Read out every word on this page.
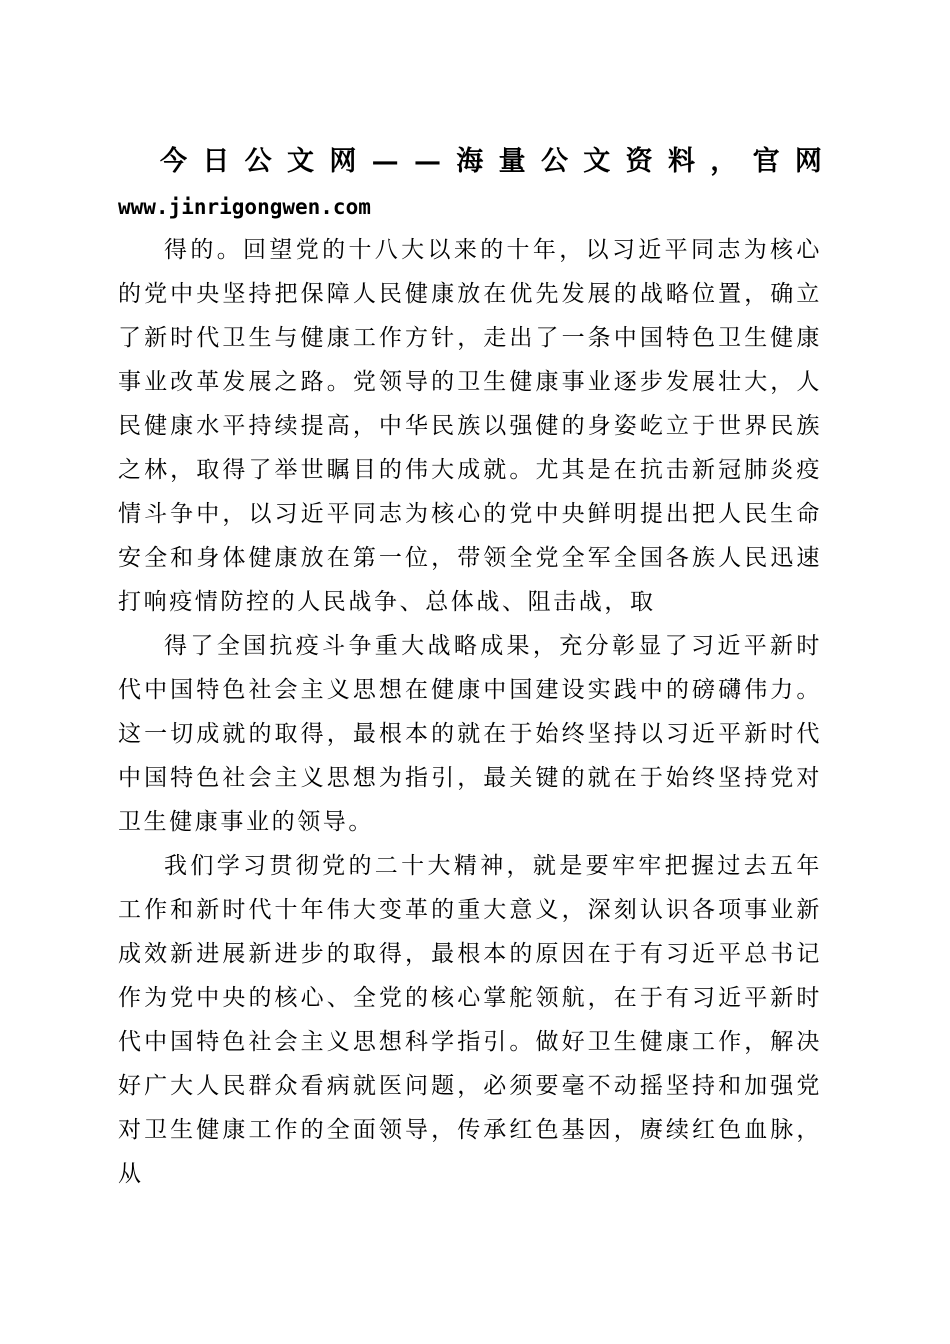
今 日 公 文 网 — — 海 量 公 文 资 料 ， 官 网
www.jinrigongwen.com

得的。回望党的十八大以来的十年，以习近平同志为核心的党中央坚持把保障人民健康放在优先发展的战略位置，确立了新时代卫生与健康工作方针，走出了一条中国特色卫生健康事业改革发展之路。党领导的卫生健康事业逐步发展壮大，人民健康水平持续提高，中华民族以强健的身姿屹立于世界民族之林，取得了举世瞩目的伟大成就。尤其是在抗击新冠肺炎疫情斗争中，以习近平同志为核心的党中央鲜明提出把人民生命安全和身体健康放在第一位，带领全党全军全国各族人民迅速打响疫情防控的人民战争、总体战、阻击战，取

得了全国抗疫斗争重大战略成果，充分彰显了习近平新时代中国特色社会主义思想在健康中国建设实践中的磅礴伟力。这一切成就的取得，最根本的就在于始终坚持以习近平新时代中国特色社会主义思想为指引，最关键的就在于始终坚持党对卫生健康事业的领导。

我们学习贯彻党的二十大精神，就是要牢牢把握过去五年工作和新时代十年伟大变革的重大意义，深刻认识各项事业新成效新进展新进步的取得，最根本的原因在于有习近平总书记作为党中央的核心、全党的核心掌舵领航，在于有习近平新时代中国特色社会主义思想科学指引。做好卫生健康工作，解决好广大人民群众看病就医问题，必须要毫不动摇坚持和加强党对卫生健康工作的全面领导，传承红色基因，赓续红色血脉，从
